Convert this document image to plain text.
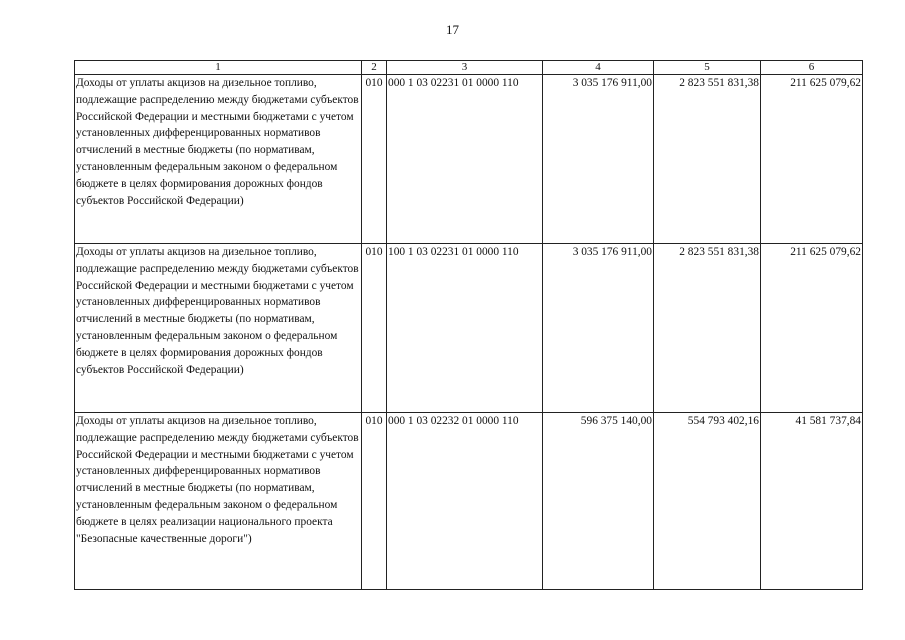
17
1	2	3	4	5	6
Доходы от уплаты акцизов на дизельное топливо, подлежащие распределению между бюджетами субъектов Российской Федерации и местными бюджетами с учетом установленных дифференцированных нормативов отчислений в местные бюджеты (по нормативам, установленным федеральным законом о федеральном бюджете в целях формирования дорожных фондов субъектов Российской Федерации)	010	000 1 03 02231 01 0000 110	3 035 176 911,00	2 823 551 831,38	211 625 079,62
Доходы от уплаты акцизов на дизельное топливо, подлежащие распределению между бюджетами субъектов Российской Федерации и местными бюджетами с учетом установленных дифференцированных нормативов отчислений в местные бюджеты (по нормативам, установленным федеральным законом о федеральном бюджете в целях формирования дорожных фондов субъектов Российской Федерации)	010	100 1 03 02231 01 0000 110	3 035 176 911,00	2 823 551 831,38	211 625 079,62
Доходы от уплаты акцизов на дизельное топливо, подлежащие распределению между бюджетами субъектов Российской Федерации и местными бюджетами с учетом установленных дифференцированных нормативов отчислений в местные бюджеты (по нормативам, установленным федеральным законом о федеральном бюджете в целях реализации национального проекта "Безопасные качественные дороги")	010	000 1 03 02232 01 0000 110	596 375 140,00	554 793 402,16	41 581 737,84
